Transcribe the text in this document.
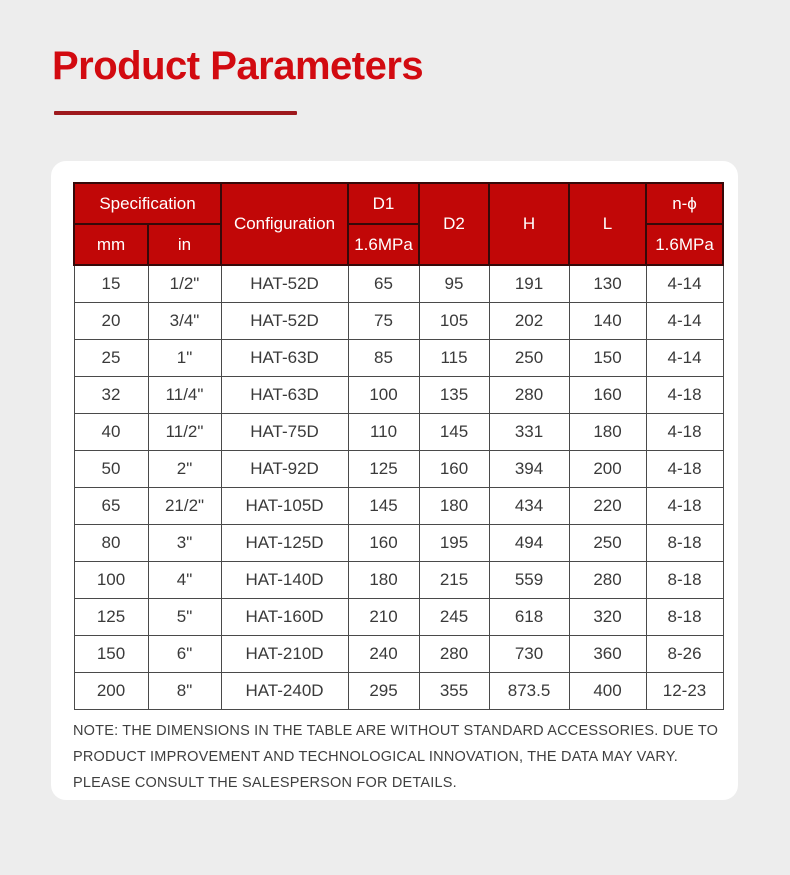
Product Parameters
Specification		Configuration	D1	D2	H	L	n-ϕ
mm	in		1.6MPa				1.6MPa
15	1/2"	HAT-52D	65	95	191	130	4-14
20	3/4"	HAT-52D	75	105	202	140	4-14
25	1"	HAT-63D	85	115	250	150	4-14
32	11/4"	HAT-63D	100	135	280	160	4-18
40	11/2"	HAT-75D	110	145	331	180	4-18
50	2"	HAT-92D	125	160	394	200	4-18
65	21/2"	HAT-105D	145	180	434	220	4-18
80	3"	HAT-125D	160	195	494	250	8-18
100	4"	HAT-140D	180	215	559	280	8-18
125	5"	HAT-160D	210	245	618	320	8-18
150	6"	HAT-210D	240	280	730	360	8-26
200	8"	HAT-240D	295	355	873.5	400	12-23

NOTE: THE DIMENSIONS IN THE TABLE ARE WITHOUT STANDARD ACCESSORIES. DUE TO PRODUCT IMPROVEMENT AND TECHNOLOGICAL INNOVATION, THE DATA MAY VARY. PLEASE CONSULT THE SALESPERSON FOR DETAILS.
